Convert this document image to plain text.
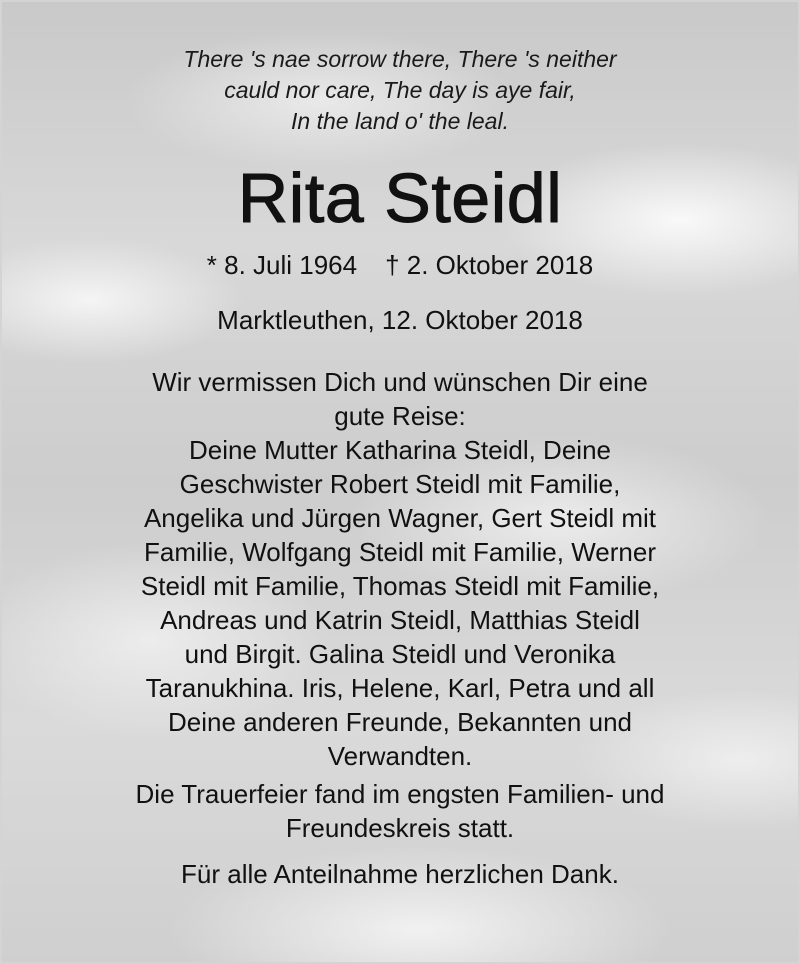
There 's nae sorrow there, There 's neither
cauld nor care, The day is aye fair,
In the land o' the leal.
Rita Steidl
* 8. Juli 1964 † 2. Oktober 2018
Marktleuthen, 12. Oktober 2018

Wir vermissen Dich und wünschen Dir eine
gute Reise:

Deine Mutter Katharina Steidl, Deine
Geschwister Robert Steidl mit Familie,
Angelika und Jürgen Wagner, Gert Steidl mit
Familie, Wolfgang Steidl mit Familie, Werner
Steidl mit Familie, Thomas Steidl mit Familie,
Andreas und Katrin Steidl, Matthias Steidl
und Birgit. Galina Steidl und Veronika
Taranukhina. Iris, Helene, Karl, Petra und all
Deine anderen Freunde, Bekannten und
Verwandten.

Die Trauerfeier fand im engsten Familien- und
Freundeskreis statt.

Für alle Anteilnahme herzlichen Dank.
